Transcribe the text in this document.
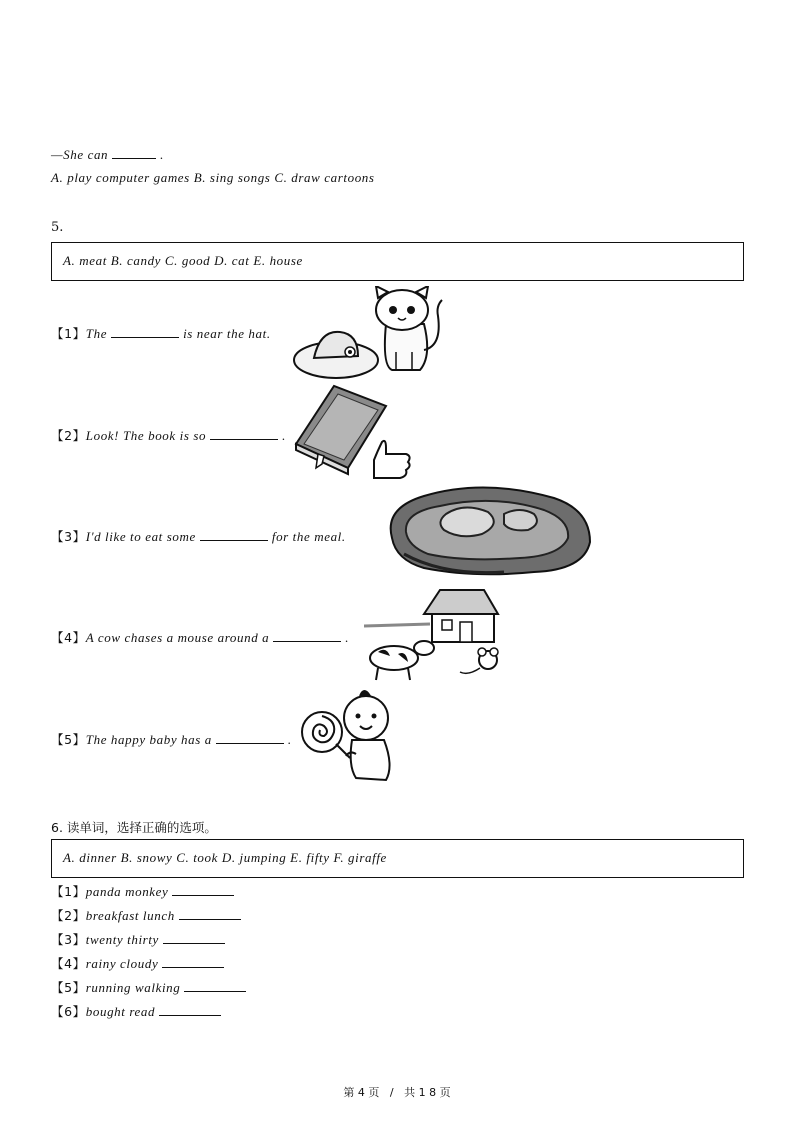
—She can	.
A. play computer games B. sing songs C. draw cartoons
5.
A. meat B. candy C. good D. cat E. house
【1】The	is near the hat.
【2】Look! The book is so	.
【3】I'd like to eat some	for the meal.
【4】A cow chases a mouse around a	.
【5】The happy baby has a	.
6. 读单词，选择正确的选项。
A. dinner B. snowy C. took D. jumping E. fifty F. giraffe
【1】panda monkey
【2】breakfast lunch
【3】twenty thirty
【4】rainy cloudy
【5】running walking
【6】bought read
第 4 页   /   共 1 8 页
